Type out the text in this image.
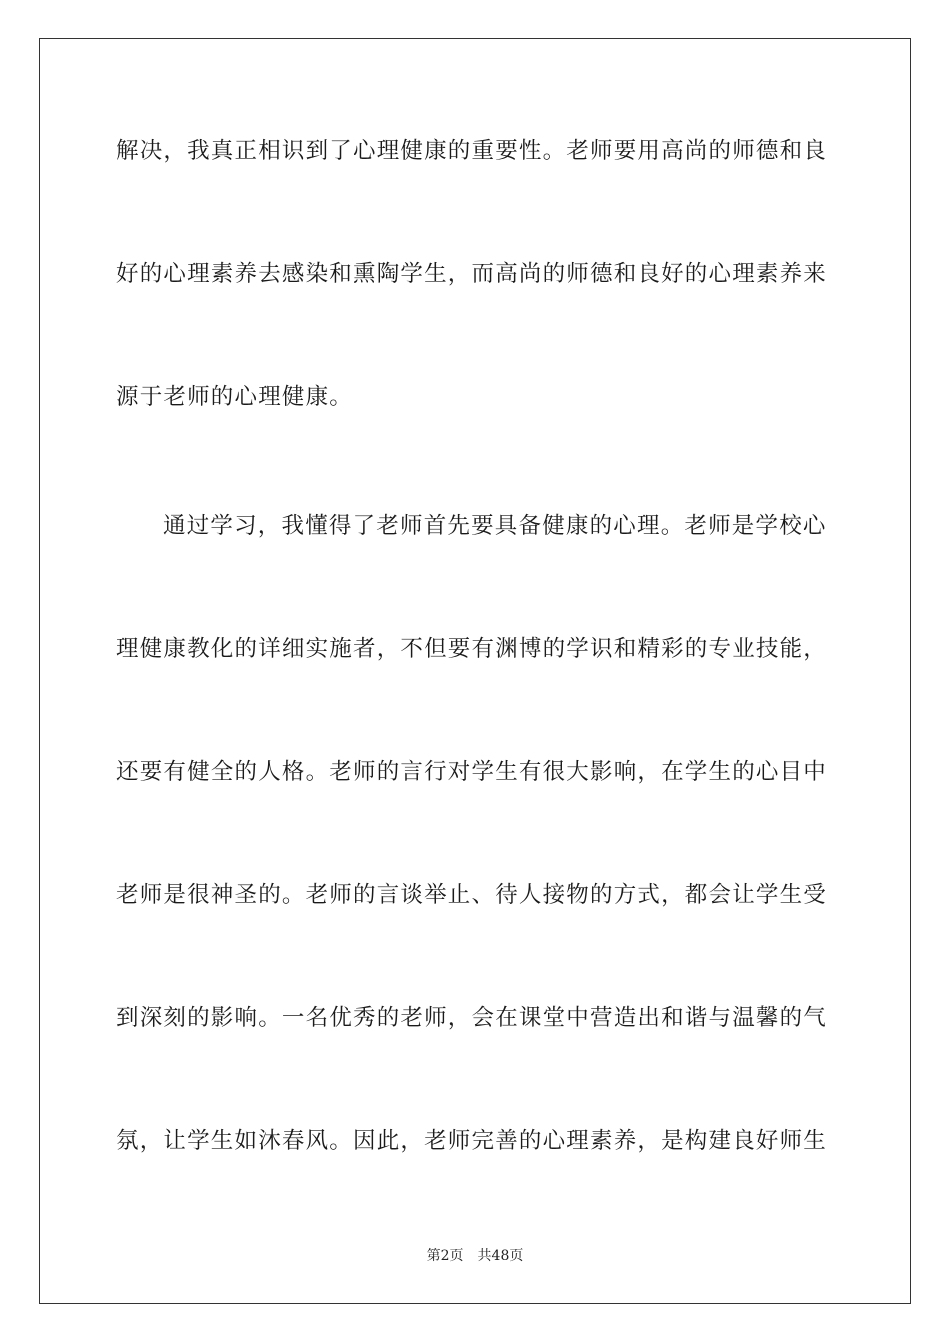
解决，我真正相识到了心理健康的重要性。老师要用高尚的师德和良
好的心理素养去感染和熏陶学生，而高尚的师德和良好的心理素养来
源于老师的心理健康。
通过学习，我懂得了老师首先要具备健康的心理。老师是学校心
理健康教化的详细实施者，不但要有渊博的学识和精彩的专业技能，
还要有健全的人格。老师的言行对学生有很大影响，在学生的心目中
老师是很神圣的。老师的言谈举止、待人接物的方式，都会让学生受
到深刻的影响。一名优秀的老师，会在课堂中营造出和谐与温馨的气
氛，让学生如沐春风。因此，老师完善的心理素养，是构建良好师生
第2页 共48页
